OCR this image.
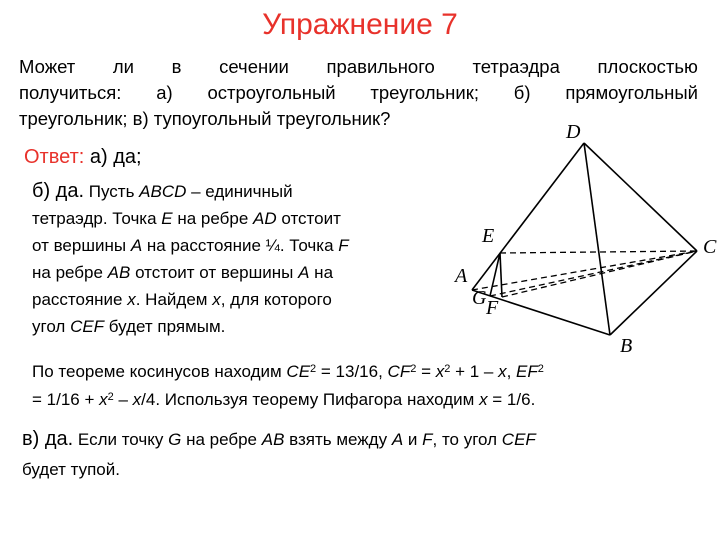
Упражнение 7
Может ли в сечении правильного тетраэдра плоскостью
получиться: а) остроугольный треугольник; б) прямоугольный
треугольник; в) тупоугольный треугольник?
Ответ: а) да;
б) да. Пусть ABCD – единичный
тетраэдр. Точка E на ребре AD отстоит
от вершины A на расстояние ¼. Точка F
на ребре AB отстоит от вершины A на
расстояние x. Найдем x, для которого
угол CEF будет прямым.
По теореме косинусов находим $CE^2 = 13/16$, $CF^2 = x^2 + 1 - x$, $EF^2$
= $1/16 + x^2 - x/4$. Используя теорему Пифагора находим x = 1/6.
в) да. Если точку G на ребре AB взять между A и F, то угол CEF
будет тупой.
D
C
A
B
E
G F
